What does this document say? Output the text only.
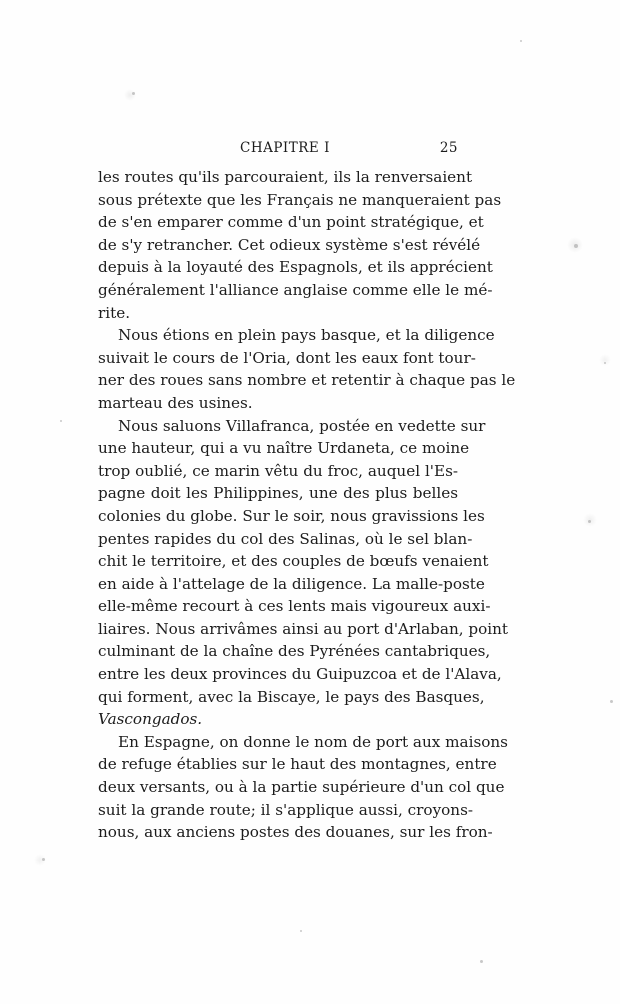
CHAPITRE I	25
les routes qu'ils parcouraient, ils la renversaient
sous prétexte que les Français ne manqueraient pas
de s'en emparer comme d'un point stratégique, et
de s'y retrancher. Cet odieux système s'est révélé
depuis à la loyauté des Espagnols, et ils apprécient
généralement l'alliance anglaise comme elle le mé-
rite.
Nous étions en plein pays basque, et la diligence
suivait le cours de l'Oria, dont les eaux font tour-
ner des roues sans nombre et retentir à chaque pas le
marteau des usines.
Nous saluons Villafranca, postée en vedette sur
une hauteur, qui a vu naître Urdaneta, ce moine
trop oublié, ce marin vêtu du froc, auquel l'Es-
pagne doit les Philippines, une des plus belles
colonies du globe. Sur le soir, nous gravissions les
pentes rapides du col des Salinas, où le sel blan-
chit le territoire, et des couples de bœufs venaient
en aide à l'attelage de la diligence. La malle-poste
elle-même recourt à ces lents mais vigoureux auxi-
liaires. Nous arrivâmes ainsi au port d'Arlaban, point
culminant de la chaîne des Pyrénées cantabriques,
entre les deux provinces du Guipuzcoa et de l'Alava,
qui forment, avec la Biscaye, le pays des Basques,
Vascongados.
En Espagne, on donne le nom de port aux maisons
de refuge établies sur le haut des montagnes, entre
deux versants, ou à la partie supérieure d'un col que
suit la grande route; il s'applique aussi, croyons-
nous, aux anciens postes des douanes, sur les fron-
